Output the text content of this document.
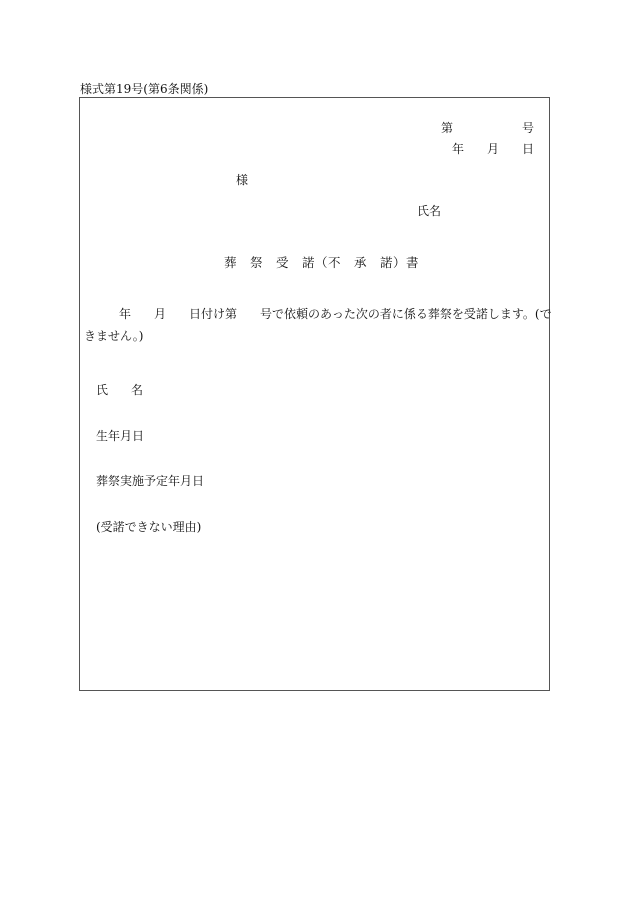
様式第19号(第6条関係)
第	号
年 月 日
様
氏名
葬　祭　受　諾（不　承　諾）書
年 月 日付け第 号で依頼のあった次の者に係る葬祭を受諾します。(で
きません。)
氏 名
生年月日
葬祭実施予定年月日
(受諾できない理由)
